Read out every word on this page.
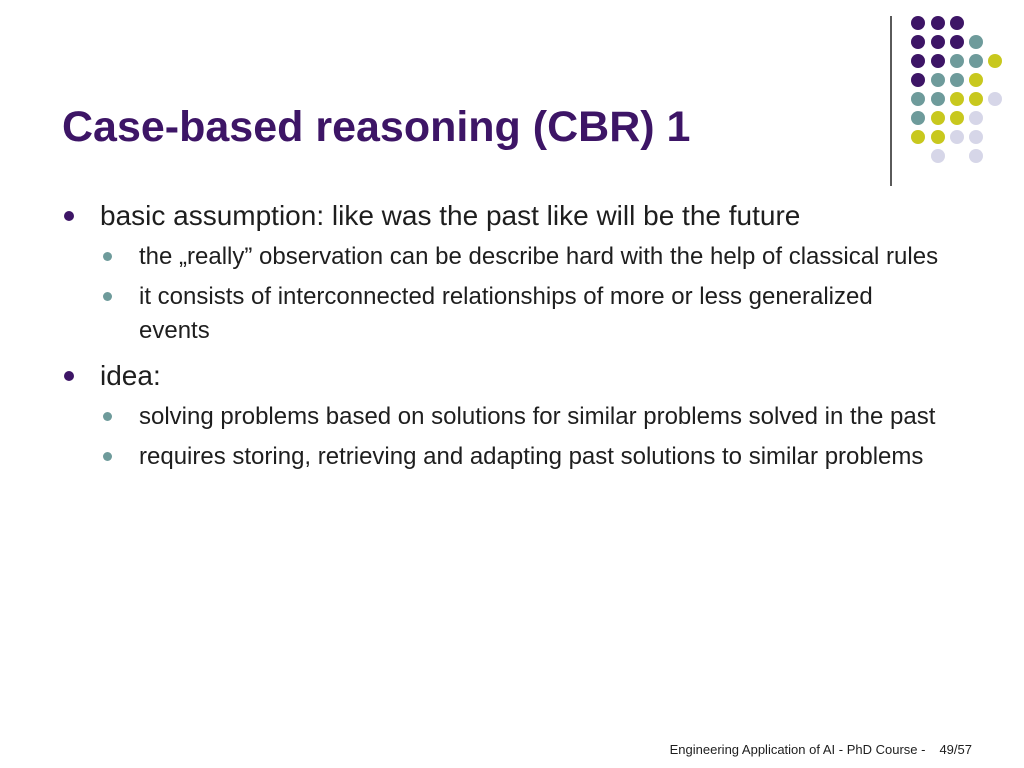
Case-based reasoning (CBR) 1
basic assumption: like was the past like will be the future
the „really” observation can be describe hard with the help of classical rules
it consists of interconnected relationships of more or less generalized events
idea:
solving problems based on solutions for similar problems solved in the past
requires storing, retrieving and adapting past solutions to similar problems
Engineering Application of AI - PhD Course - 49/57
